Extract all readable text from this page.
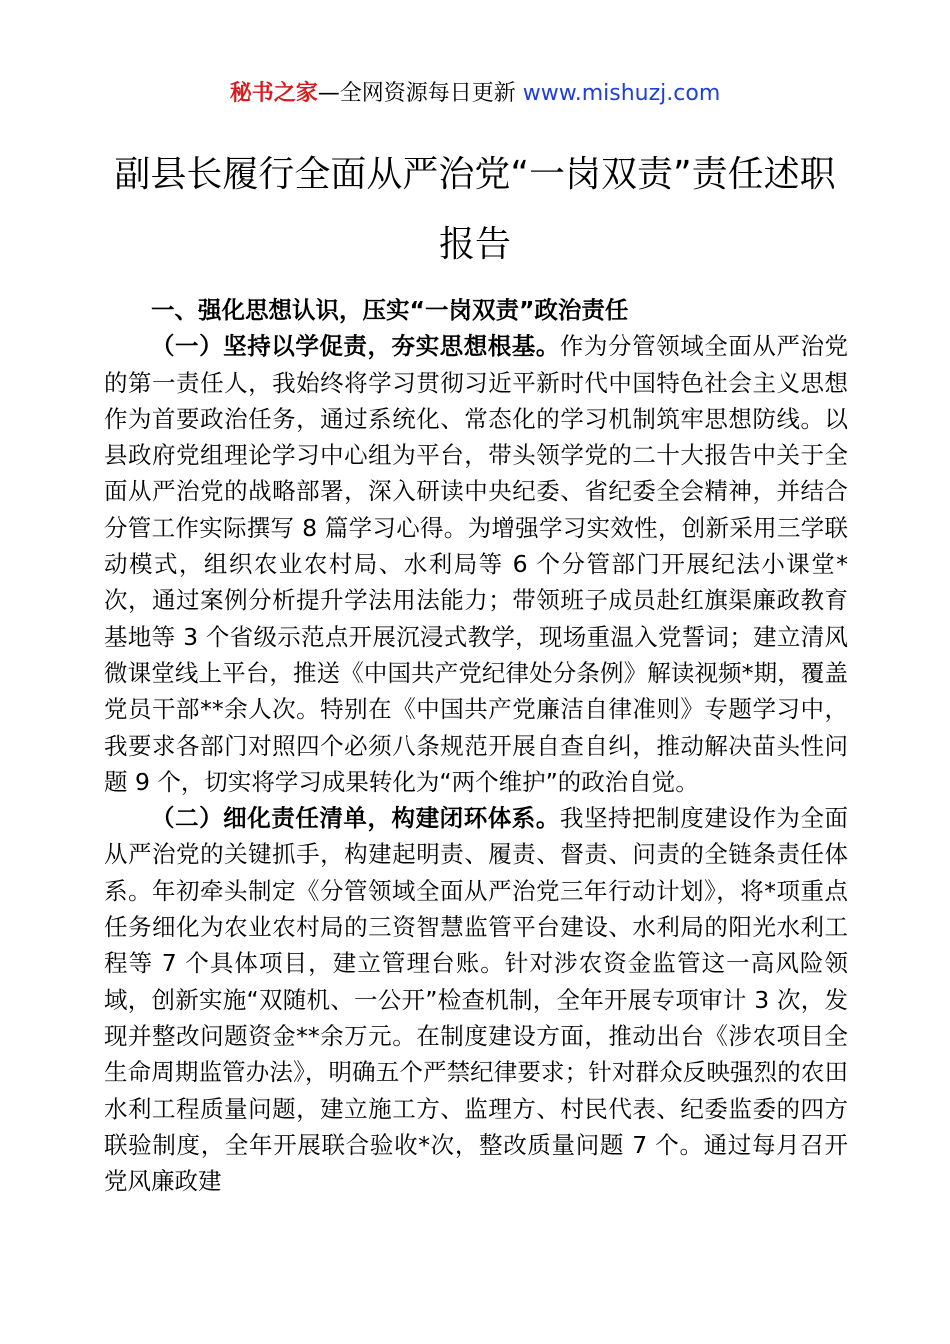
秘书之家—全网资源每日更新 www.mishuzj.com
副县长履行全面从严治党“一岗双责”责任述职报告

一、强化思想认识，压实“一岗双责”政治责任

（一）坚持以学促责，夯实思想根基。作为分管领域全面从严治党的第一责任人，我始终将学习贯彻习近平新时代中国特色社会主义思想作为首要政治任务，通过系统化、常态化的学习机制筑牢思想防线。以县政府党组理论学习中心组为平台，带头领学党的二十大报告中关于全面从严治党的战略部署，深入研读中央纪委、省纪委全会精神，并结合分管工作实际撰写 8 篇学习心得。为增强学习实效性，创新采用三学联动模式，组织农业农村局、水利局等 6 个分管部门开展纪法小课堂*次，通过案例分析提升学法用法能力；带领班子成员赴红旗渠廉政教育基地等 3 个省级示范点开展沉浸式教学，现场重温入党誓词；建立清风微课堂线上平台，推送《中国共产党纪律处分条例》解读视频*期，覆盖党员干部**余人次。特别在《中国共产党廉洁自律准则》专题学习中，我要求各部门对照四个必须八条规范开展自查自纠，推动解决苗头性问题 9 个，切实将学习成果转化为“两个维护”的政治自觉。

（二）细化责任清单，构建闭环体系。我坚持把制度建设作为全面从严治党的关键抓手，构建起明责、履责、督责、问责的全链条责任体系。年初牵头制定《分管领域全面从严治党三年行动计划》，将*项重点任务细化为农业农村局的三资智慧监管平台建设、水利局的阳光水利工程等 7 个具体项目，建立管理台账。针对涉农资金监管这一高风险领域，创新实施“双随机、一公开”检查机制，全年开展专项审计 3 次，发现并整改问题资金**余万元。在制度建设方面，推动出台《涉农项目全生命周期监管办法》，明确五个严禁纪律要求；针对群众反映强烈的农田水利工程质量问题，建立施工方、监理方、村民代表、纪委监委的四方联验制度，全年开展联合验收*次，整改质量问题 7 个。通过每月召开党风廉政建
